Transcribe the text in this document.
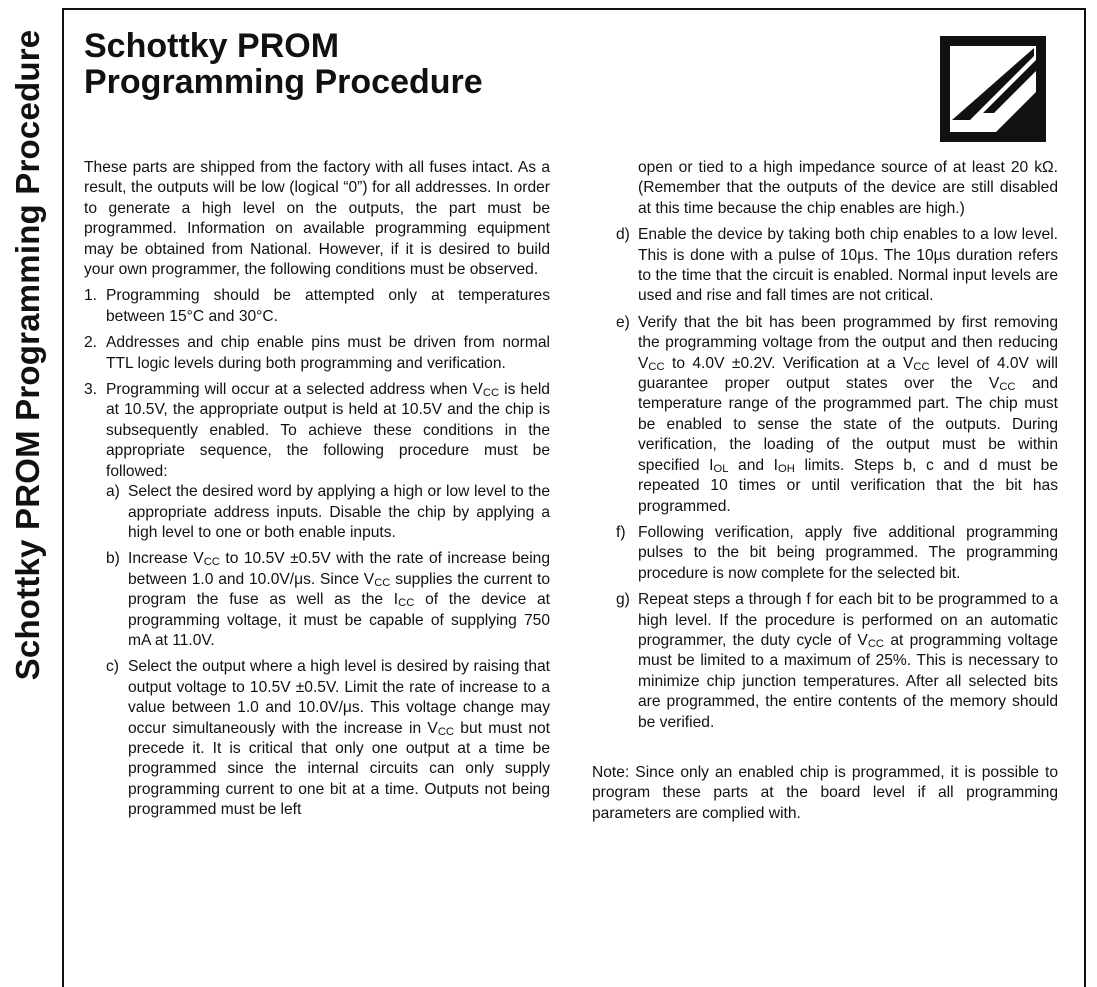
Schottky PROM Programming Procedure Schottky PROM
Programming Procedure

These parts are shipped from the factory with all fuses intact. As a result, the outputs will be low (logical “0”) for all addresses. In order to generate a high level on the outputs, the part must be programmed. Information on available programming equipment may be obtained from National. However, if it is desired to build your own programmer, the following conditions must be observed.

1. Programming should be attempted only at temperatures between 15°C and 30°C.
2. Addresses and chip enable pins must be driven from normal TTL logic levels during both programming and verification.
3. Programming will occur at a selected address when $V_{CC}$ is held at 10.5V, the appropriate output is held at 10.5V and the chip is subsequently enabled. To achieve these conditions in the appropriate sequence, the following procedure must be followed:
a) Select the desired word by applying a high or low level to the appropriate address inputs. Disable the chip by applying a high level to one or both enable inputs.
b) Increase $V_{CC}$ to 10.5V ±0.5V with the rate of increase being between 1.0 and 10.0V/μs. Since $V_{CC}$ supplies the current to program the fuse as well as the $I_{CC}$ of the device at programming voltage, it must be capable of supplying 750 mA at 11.0V.
c) Select the output where a high level is desired by raising that output voltage to 10.5V ±0.5V. Limit the rate of increase to a value between 1.0 and 10.0V/μs. This voltage change may occur simultaneously with the increase in $V_{CC}$ but must not precede it. It is critical that only one output at a time be programmed since the internal circuits can only supply programming current to one bit at a time. Outputs not being programmed must be left
open or tied to a high impedance source of at least 20 kΩ. (Remember that the outputs of the device are still disabled at this time because the chip enables are high.)
d) Enable the device by taking both chip enables to a low level. This is done with a pulse of 10μs. The 10μs duration refers to the time that the circuit is enabled. Normal input levels are used and rise and fall times are not critical.
e) Verify that the bit has been programmed by first removing the programming voltage from the output and then reducing $V_{CC}$ to 4.0V ±0.2V. Verification at a $V_{CC}$ level of 4.0V will guarantee proper output states over the $V_{CC}$ and temperature range of the programmed part. The chip must be enabled to sense the state of the outputs. During verification, the loading of the output must be within specified $I_{OL}$ and $I_{OH}$ limits. Steps b, c and d must be repeated 10 times or until verification that the bit has programmed.
f) Following verification, apply five additional programming pulses to the bit being programmed. The programming procedure is now complete for the selected bit.
g) Repeat steps a through f for each bit to be programmed to a high level. If the procedure is performed on an automatic programmer, the duty cycle of $V_{CC}$ at programming voltage must be limited to a maximum of 25%. This is necessary to minimize chip junction temperatures. After all selected bits are programmed, the entire contents of the memory should be verified.

Note: Since only an enabled chip is programmed, it is possible to program these parts at the board level if all programming parameters are complied with.
